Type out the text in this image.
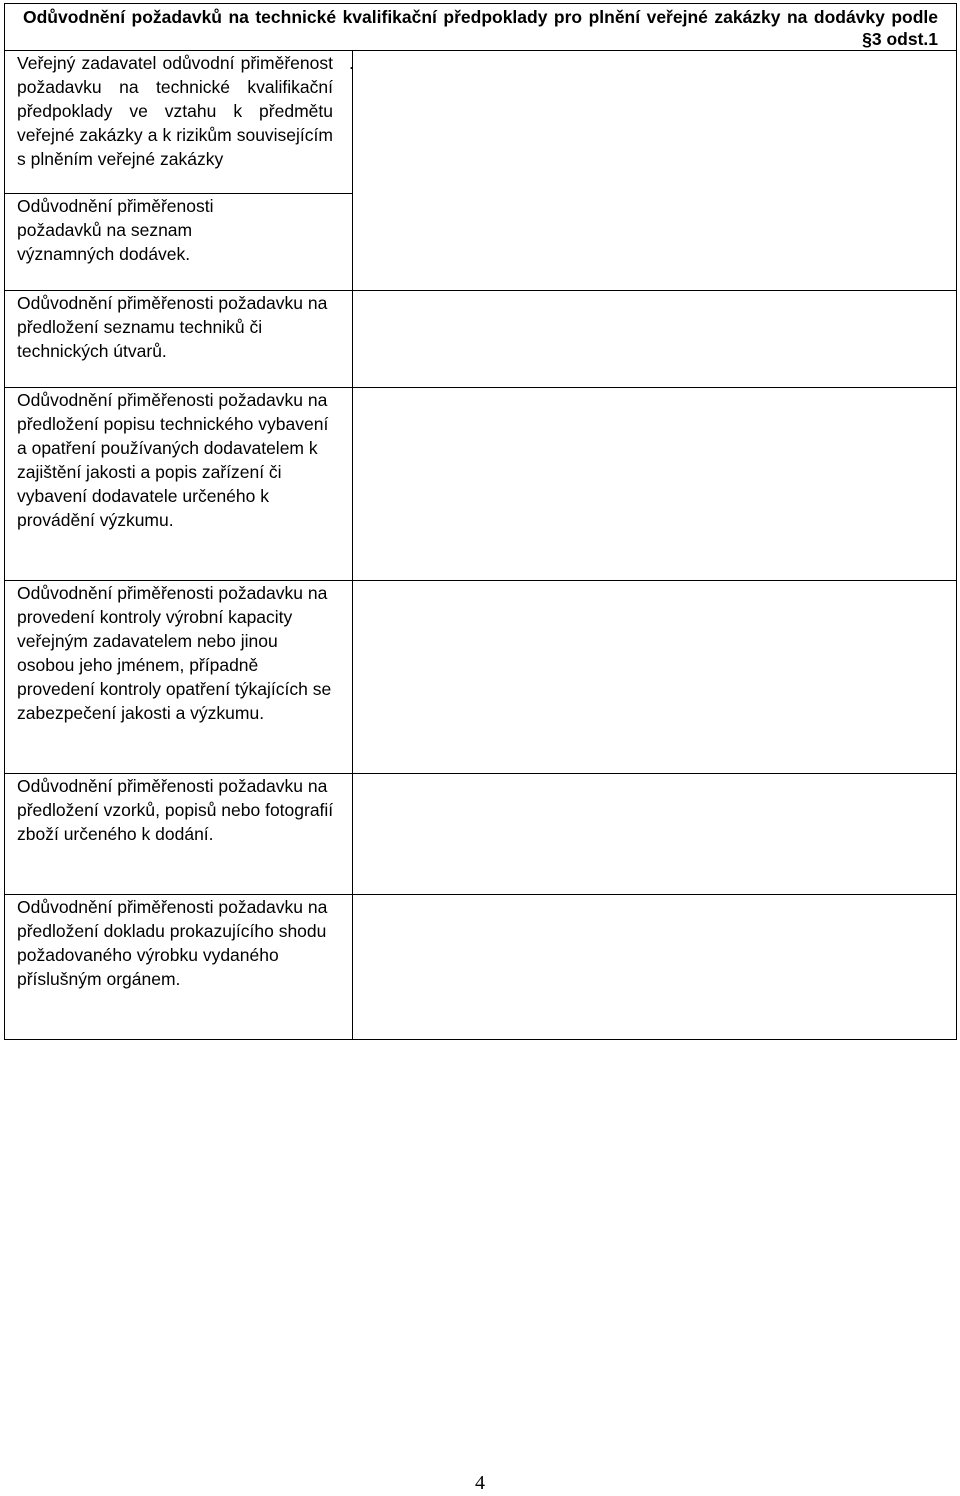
Odůvodnění požadavků na technické kvalifikační předpoklady pro plnění veřejné zakázky na dodávky podle §3 odst.1	

Veřejný zadavatel odůvodní přiměřenost požadavku na technické kvalifikační předpoklady ve vztahu k předmětu veřejné zakázky a k rizikům souvisejícím s plněním veřejné zakázky	.

Odůvodnění přiměřenosti požadavků na seznam významných dodávek.	

Odůvodnění přiměřenosti požadavku na předložení seznamu techniků či technických útvarů.	

Odůvodnění přiměřenosti požadavku na předložení popisu technického vybavení a opatření používaných dodavatelem k zajištění jakosti a popis zařízení či vybavení dodavatele určeného k provádění výzkumu.	

Odůvodnění přiměřenosti požadavku na provedení kontroly výrobní kapacity veřejným zadavatelem nebo jinou osobou jeho jménem, případně provedení kontroly opatření týkajících se zabezpečení jakosti a výzkumu.	

Odůvodnění přiměřenosti požadavku na předložení vzorků, popisů nebo fotografií zboží určeného k dodání.	

Odůvodnění přiměřenosti požadavku na předložení dokladu prokazujícího shodu požadovaného výrobku vydaného příslušným orgánem.	

4
